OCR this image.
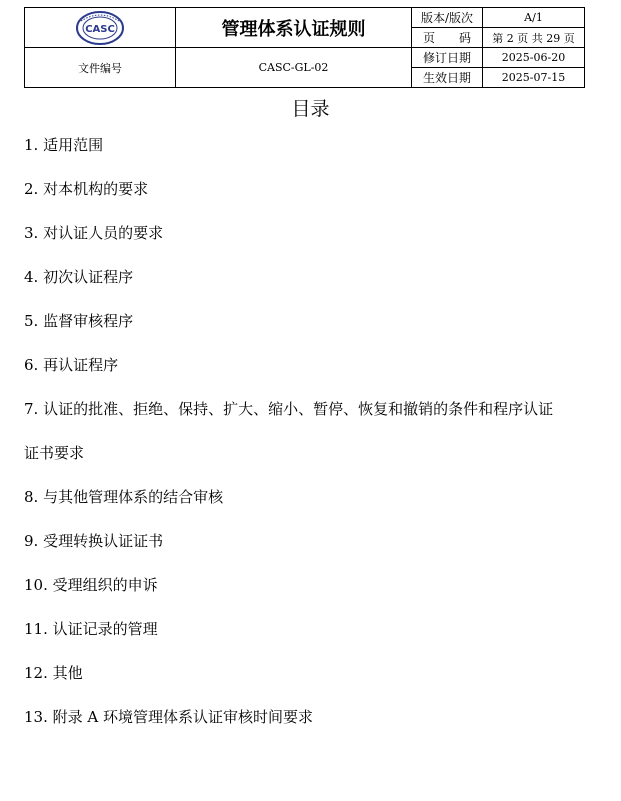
CASC	管理体系认证规则	版本/版次	A/1
		页　　码	第 2 页 共 29 页
文件编号	CASC-GL-02	修订日期	2025-06-20
		生效日期	2025-07-15
目录
1. 适用范围
2. 对本机构的要求
3. 对认证人员的要求
4. 初次认证程序
5. 监督审核程序
6. 再认证程序
7. 认证的批准、拒绝、保持、扩大、缩小、暂停、恢复和撤销的条件和程序认证
证书要求
8. 与其他管理体系的结合审核
9. 受理转换认证证书
10. 受理组织的申诉
11. 认证记录的管理
12. 其他
13. 附录 A 环境管理体系认证审核时间要求
